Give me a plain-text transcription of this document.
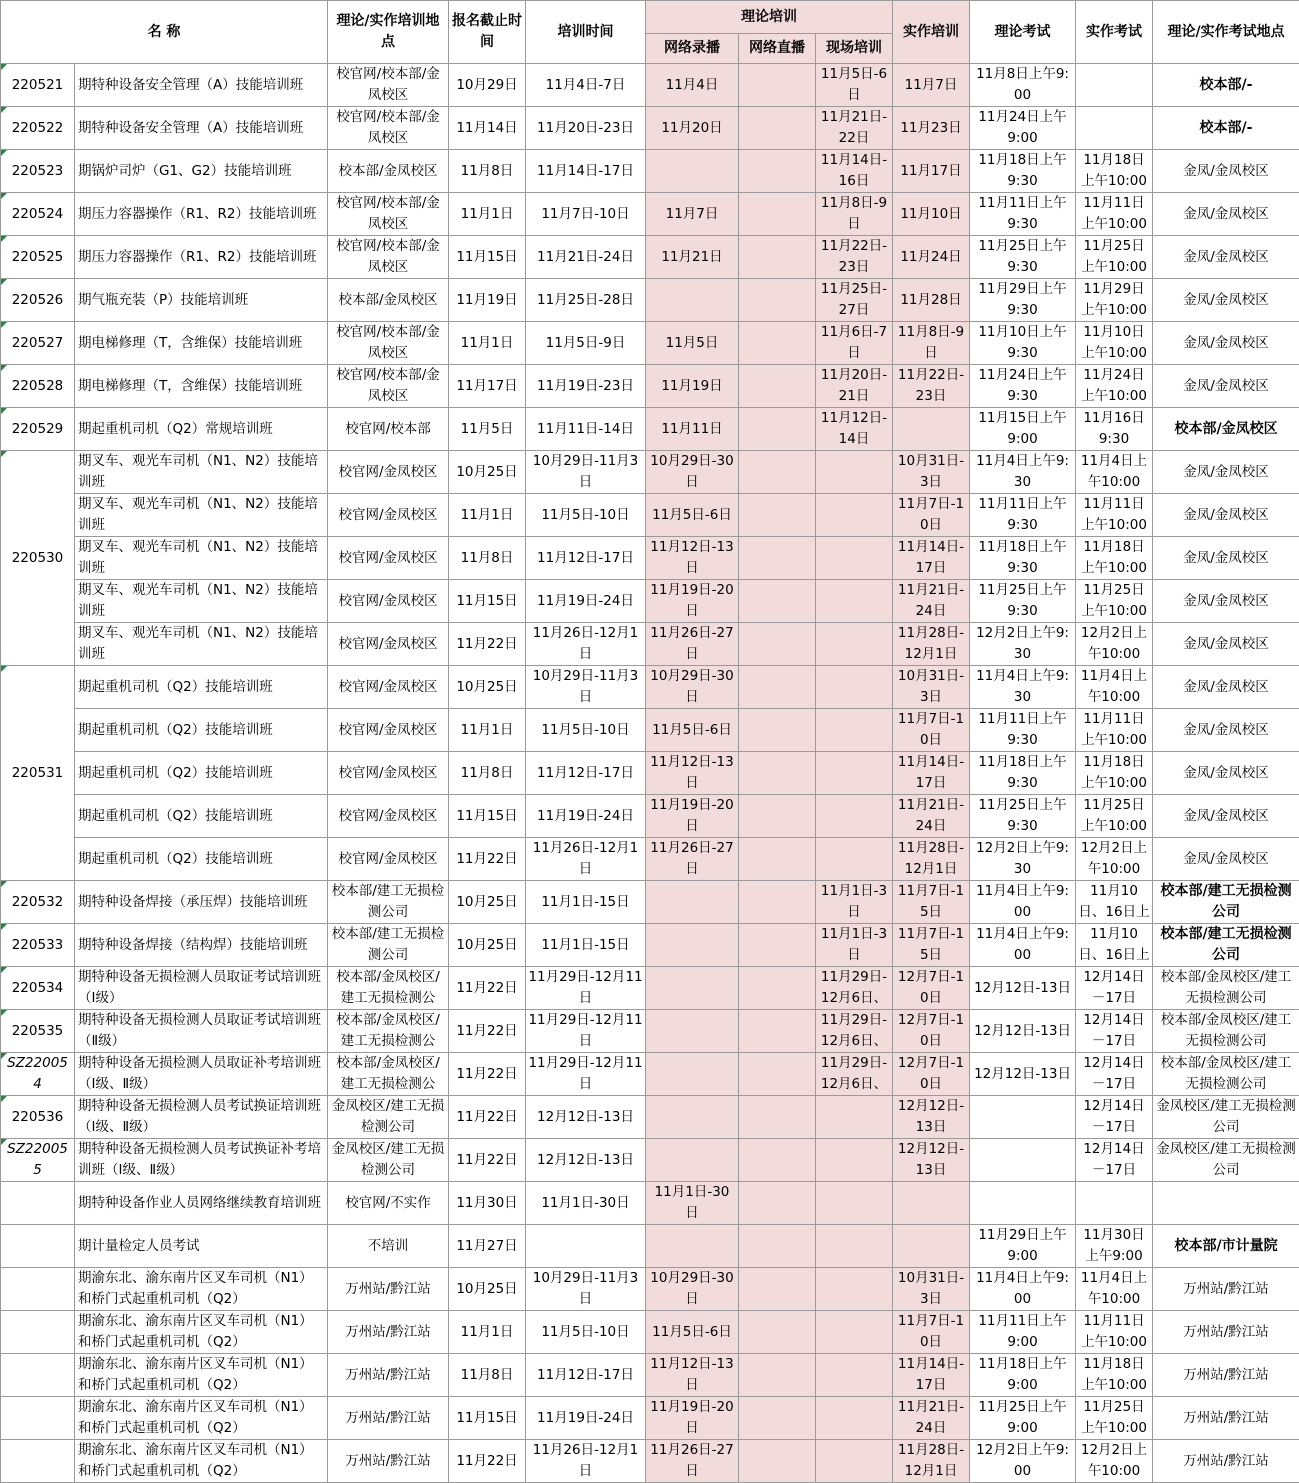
名 称		理论/实作培训地点	报名截止时间	培训时间	理论培训			实作培训	理论考试	实作考试	理论/实作考试地点
					网络录播	网络直播	现场培训				
220521	期特种设备安全管理（A）技能培训班	校官网/校本部/金凤校区	10月29日	11月4日-7日	11月4日		11月5日-6日	11月7日	11月8日上午9:00		校本部/-
220522	期特种设备安全管理（A）技能培训班	校官网/校本部/金凤校区	11月14日	11月20日-23日	11月20日		11月21日-22日	11月23日	11月24日上午9:00		校本部/-
220523	期锅炉司炉（G1、G2）技能培训班	校本部/金凤校区	11月8日	11月14日-17日			11月14日-16日	11月17日	11月18日上午9:30	11月18日上午10:00	金凤/金凤校区
220524	期压力容器操作（R1、R2）技能培训班	校官网/校本部/金凤校区	11月1日	11月7日-10日	11月7日		11月8日-9日	11月10日	11月11日上午9:30	11月11日上午10:00	金凤/金凤校区
220525	期压力容器操作（R1、R2）技能培训班	校官网/校本部/金凤校区	11月15日	11月21日-24日	11月21日		11月22日-23日	11月24日	11月25日上午9:30	11月25日上午10:00	金凤/金凤校区
220526	期气瓶充装（P）技能培训班	校本部/金凤校区	11月19日	11月25日-28日			11月25日-27日	11月28日	11月29日上午9:30	11月29日上午10:00	金凤/金凤校区
220527	期电梯修理（T，含维保）技能培训班	校官网/校本部/金凤校区	11月1日	11月5日-9日	11月5日		11月6日-7日	11月8日-9日	11月10日上午9:30	11月10日上午10:00	金凤/金凤校区
220528	期电梯修理（T，含维保）技能培训班	校官网/校本部/金凤校区	11月17日	11月19日-23日	11月19日		11月20日-21日	11月22日-23日	11月24日上午9:30	11月24日上午10:00	金凤/金凤校区
220529	期起重机司机（Q2）常规培训班	校官网/校本部	11月5日	11月11日-14日	11月11日		11月12日-14日		11月15日上午9:00	11月16日9:30	校本部/金凤校区
220530	期叉车、观光车司机（N1、N2）技能培训班	校官网/金凤校区	10月25日	10月29日-11月3日	10月29日-30日			10月31日-3日	11月4日上午9:30	11月4日上午10:00	金凤/金凤校区
	期叉车、观光车司机（N1、N2）技能培训班	校官网/金凤校区	11月1日	11月5日-10日	11月5日-6日			11月7日-10日	11月11日上午9:30	11月11日上午10:00	金凤/金凤校区
	期叉车、观光车司机（N1、N2）技能培训班	校官网/金凤校区	11月8日	11月12日-17日	11月12日-13日			11月14日-17日	11月18日上午9:30	11月18日上午10:00	金凤/金凤校区
	期叉车、观光车司机（N1、N2）技能培训班	校官网/金凤校区	11月15日	11月19日-24日	11月19日-20日			11月21日-24日	11月25日上午9:30	11月25日上午10:00	金凤/金凤校区
	期叉车、观光车司机（N1、N2）技能培训班	校官网/金凤校区	11月22日	11月26日-12月1日	11月26日-27日			11月28日-12月1日	12月2日上午9:30	12月2日上午10:00	金凤/金凤校区
220531	期起重机司机（Q2）技能培训班	校官网/金凤校区	10月25日	10月29日-11月3日	10月29日-30日			10月31日-3日	11月4日上午9:30	11月4日上午10:00	金凤/金凤校区
	期起重机司机（Q2）技能培训班	校官网/金凤校区	11月1日	11月5日-10日	11月5日-6日			11月7日-10日	11月11日上午9:30	11月11日上午10:00	金凤/金凤校区
	期起重机司机（Q2）技能培训班	校官网/金凤校区	11月8日	11月12日-17日	11月12日-13日			11月14日-17日	11月18日上午9:30	11月18日上午10:00	金凤/金凤校区
	期起重机司机（Q2）技能培训班	校官网/金凤校区	11月15日	11月19日-24日	11月19日-20日			11月21日-24日	11月25日上午9:30	11月25日上午10:00	金凤/金凤校区
	期起重机司机（Q2）技能培训班	校官网/金凤校区	11月22日	11月26日-12月1日	11月26日-27日			11月28日-12月1日	12月2日上午9:30	12月2日上午10:00	金凤/金凤校区
220532	期特种设备焊接（承压焊）技能培训班	校本部/建工无损检测公司	10月25日	11月1日-15日			11月1日-3日	11月7日-15日	11月4日上午9:00	11月10日、16日上	校本部/建工无损检测公司
220533	期特种设备焊接（结构焊）技能培训班	校本部/建工无损检测公司	10月25日	11月1日-15日			11月1日-3日	11月7日-15日	11月4日上午9:00	11月10日、16日上	校本部/建工无损检测公司
220534	期特种设备无损检测人员取证考试培训班（Ⅰ级）	校本部/金凤校区/建工无损检测公	11月22日	11月29日-12月11日			11月29日-12月6日、	12月7日-10日	12月12日-13日	12月14日－17日	校本部/金凤校区/建工无损检测公司
220535	期特种设备无损检测人员取证考试培训班（Ⅱ级）	校本部/金凤校区/建工无损检测公	11月22日	11月29日-12月11日			11月29日-12月6日、	12月7日-10日	12月12日-13日	12月14日－17日	校本部/金凤校区/建工无损检测公司
SZ220054	期特种设备无损检测人员取证补考培训班（Ⅰ级、Ⅱ级）	校本部/金凤校区/建工无损检测公	11月22日	11月29日-12月11日			11月29日-12月6日、	12月7日-10日	12月12日-13日	12月14日－17日	校本部/金凤校区/建工无损检测公司
220536	期特种设备无损检测人员考试换证培训班（Ⅰ级、Ⅱ级）	金凤校区/建工无损检测公司	11月22日	12月12日-13日				12月12日-13日		12月14日－17日	金凤校区/建工无损检测公司
SZ220055	期特种设备无损检测人员考试换证补考培训班（Ⅰ级、Ⅱ级）	金凤校区/建工无损检测公司	11月22日	12月12日-13日				12月12日-13日		12月14日－17日	金凤校区/建工无损检测公司
	期特种设备作业人员网络继续教育培训班	校官网/不实作	11月30日	11月1日-30日	11月1日-30日						
	期计量检定人员考试	不培训	11月27日						11月29日上午9:00	11月30日上午9:00	校本部/市计量院
	期渝东北、渝东南片区叉车司机（N1）和桥门式起重机司机（Q2）	万州站/黔江站	10月25日	10月29日-11月3日	10月29日-30日			10月31日-3日	11月4日上午9:00	11月4日上午10:00	万州站/黔江站
	期渝东北、渝东南片区叉车司机（N1）和桥门式起重机司机（Q2）	万州站/黔江站	11月1日	11月5日-10日	11月5日-6日			11月7日-10日	11月11日上午9:00	11月11日上午10:00	万州站/黔江站
	期渝东北、渝东南片区叉车司机（N1）和桥门式起重机司机（Q2）	万州站/黔江站	11月8日	11月12日-17日	11月12日-13日			11月14日-17日	11月18日上午9:00	11月18日上午10:00	万州站/黔江站
	期渝东北、渝东南片区叉车司机（N1）和桥门式起重机司机（Q2）	万州站/黔江站	11月15日	11月19日-24日	11月19日-20日			11月21日-24日	11月25日上午9:00	11月25日上午10:00	万州站/黔江站
	期渝东北、渝东南片区叉车司机（N1）和桥门式起重机司机（Q2）	万州站/黔江站	11月22日	11月26日-12月1日	11月26日-27日			11月28日-12月1日	12月2日上午9:00	12月2日上午10:00	万州站/黔江站
